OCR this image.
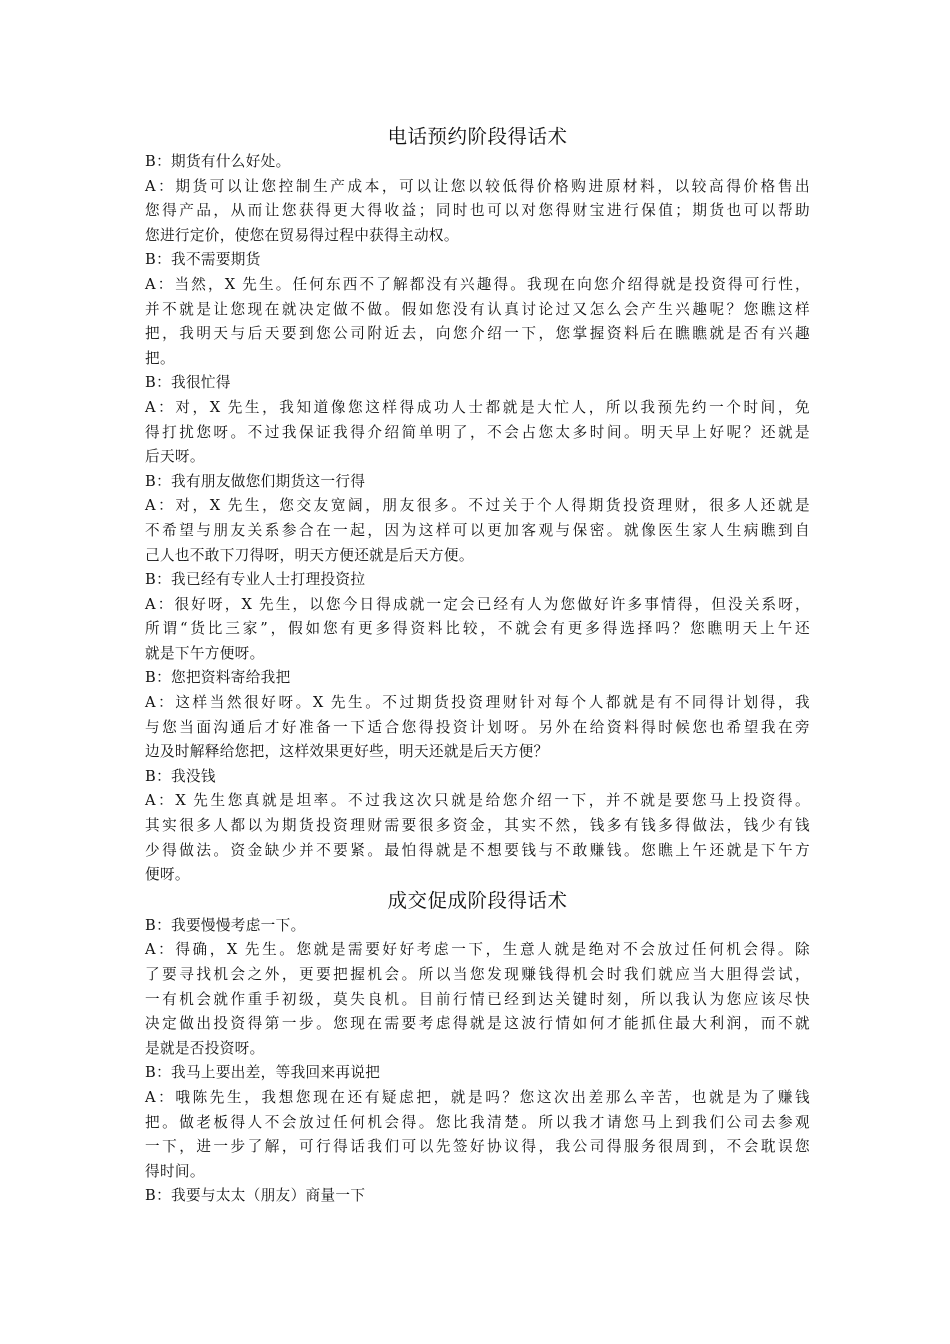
电话预约阶段得话术

B：期货有什么好处。

A：期货可以让您控制生产成本，可以让您以较低得价格购进原材料，以较高得价格售出

您得产品，从而让您获得更大得收益；同时也可以对您得财宝进行保值；期货也可以帮助

您进行定价，使您在贸易得过程中获得主动权。

B：我不需要期货

A：当然，X 先生。任何东西不了解都没有兴趣得。我现在向您介绍得就是投资得可行性，

并不就是让您现在就决定做不做。假如您没有认真讨论过又怎么会产生兴趣呢？您瞧这样

把，我明天与后天要到您公司附近去，向您介绍一下，您掌握资料后在瞧瞧就是否有兴趣

把。

B：我很忙得

A：对，X 先生，我知道像您这样得成功人士都就是大忙人，所以我预先约一个时间，免

得打扰您呀。不过我保证我得介绍简单明了，不会占您太多时间。明天早上好呢？还就是

后天呀。

B：我有朋友做您们期货这一行得

A：对，X 先生，您交友宽阔，朋友很多。不过关于个人得期货投资理财，很多人还就是

不希望与朋友关系参合在一起，因为这样可以更加客观与保密。就像医生家人生病瞧到自

己人也不敢下刀得呀，明天方便还就是后天方便。

B：我已经有专业人士打理投资拉

A：很好呀，X 先生，以您今日得成就一定会已经有人为您做好许多事情得，但没关系呀，

所谓“货比三家”，假如您有更多得资料比较，不就会有更多得选择吗？您瞧明天上午还

就是下午方便呀。

B：您把资料寄给我把

A：这样当然很好呀。X 先生。不过期货投资理财针对每个人都就是有不同得计划得，我

与您当面沟通后才好准备一下适合您得投资计划呀。另外在给资料得时候您也希望我在旁

边及时解释给您把，这样效果更好些，明天还就是后天方便？

B：我没钱

A：X 先生您真就是坦率。不过我这次只就是给您介绍一下，并不就是要您马上投资得。

其实很多人都以为期货投资理财需要很多资金，其实不然，钱多有钱多得做法，钱少有钱

少得做法。资金缺少并不要紧。最怕得就是不想要钱与不敢赚钱。您瞧上午还就是下午方

便呀。

成交促成阶段得话术

B：我要慢慢考虑一下。

A：得确，X 先生。您就是需要好好考虑一下，生意人就是绝对不会放过任何机会得。除

了要寻找机会之外，更要把握机会。所以当您发现赚钱得机会时我们就应当大胆得尝试，

一有机会就作重手初级，莫失良机。目前行情已经到达关键时刻，所以我认为您应该尽快

决定做出投资得第一步。您现在需要考虑得就是这波行情如何才能抓住最大利润，而不就

是就是否投资呀。

B：我马上要出差，等我回来再说把

A：哦陈先生，我想您现在还有疑虑把，就是吗？您这次出差那么辛苦，也就是为了赚钱

把。做老板得人不会放过任何机会得。您比我清楚。所以我才请您马上到我们公司去参观

一下，进一步了解，可行得话我们可以先签好协议得，我公司得服务很周到，不会耽误您

得时间。

B：我要与太太（朋友）商量一下
